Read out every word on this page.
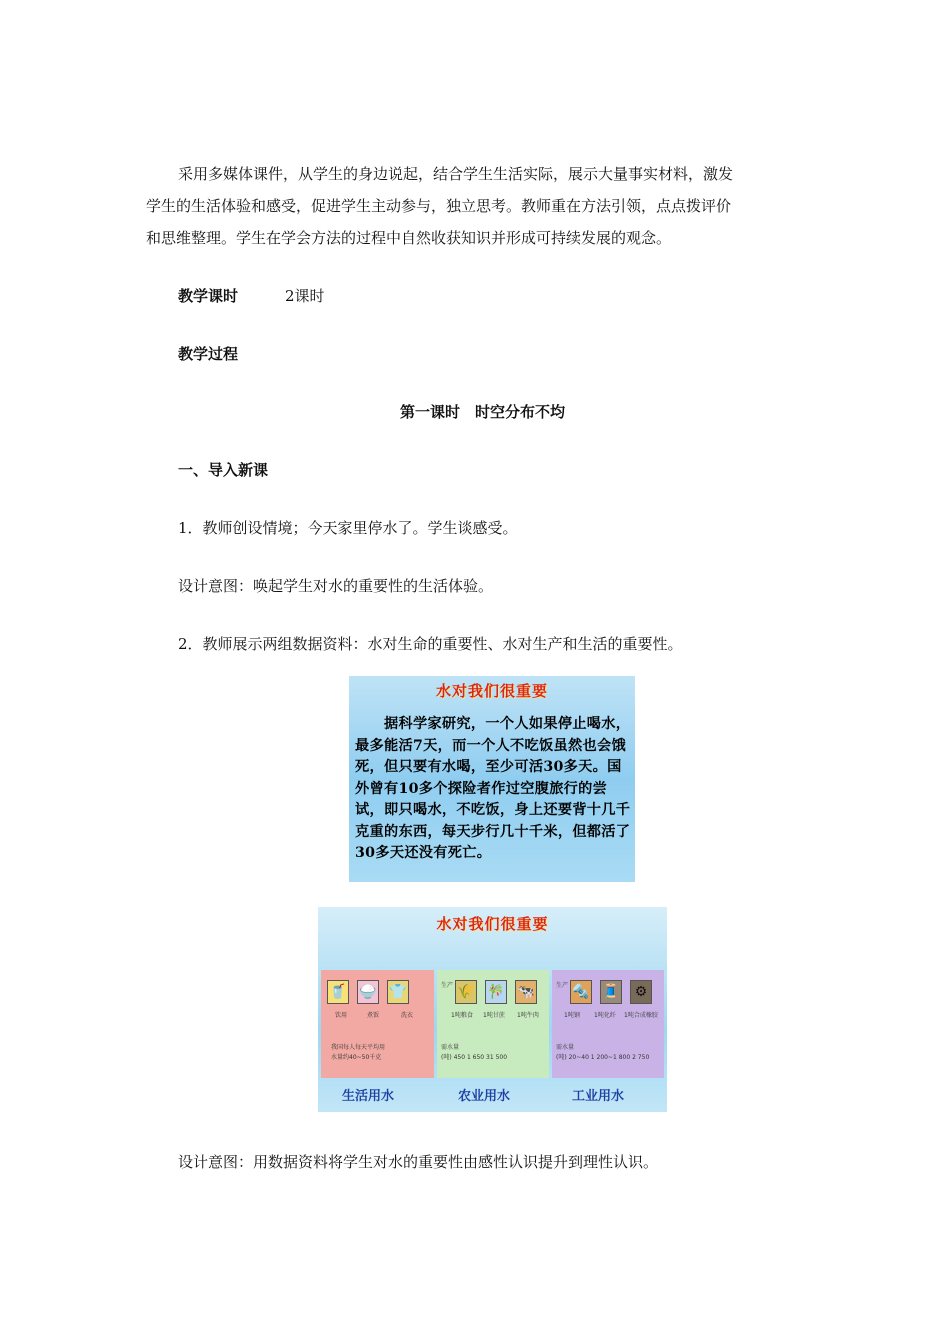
采用多媒体课件，从学生的身边说起，结合学生生活实际，展示大量事实材料，激发
学生的生活体验和感受，促进学生主动参与，独立思考。教师重在方法引领，点点拨评价
和思维整理。学生在学会方法的过程中自然收获知识并形成可持续发展的观念。
教学课时	2课时
教学过程
第一课时　时空分布不均
一、导入新课
1．教师创设情境；今天家里停水了。学生谈感受。
设计意图：唤起学生对水的重要性的生活体验。
2．教师展示两组数据资料：水对生命的重要性、水对生产和生活的重要性。
水对我们很重要
　　据科学家研究，一个人如果停止喝水，最多能活7天，而一个人不吃饭虽然也会饿死，但只要有水喝，至少可活30多天。国外曾有10多个探险者作过空腹旅行的尝试，即只喝水，不吃饭，身上还要背十几千克重的东西，每天步行几十千米，但都活了30多天还没有死亡。
水对我们很重要
🥤 🍚 👕
饮用	煮饭	洗衣
我国每人每天平均用
水量约40~50千克
生产 🌾 🎋 🐄
1吨粮食 1吨甘蔗 1吨牛肉
需水量
(吨) 450 1 650 31 500
生产 🔩 🧵	⚙
1吨钢 1吨化纤 1吨合成橡胶
需水量
(吨) 20~40 1 200~1 800 2 750
生活用水	农业用水	工业用水
设计意图：用数据资料将学生对水的重要性由感性认识提升到理性认识。
